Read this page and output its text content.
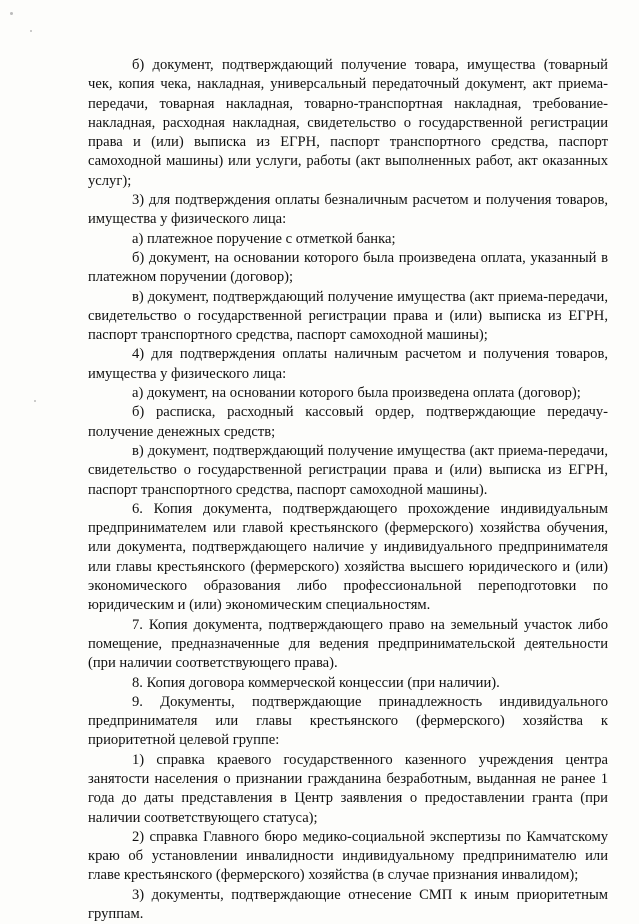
б) документ, подтверждающий получение товара, имущества (товарный чек, копия чека, накладная, универсальный передаточный документ, акт приема-передачи, товарная накладная, товарно-транспортная накладная, требование-накладная, расходная накладная, свидетельство о государственной регистрации права и (или) выписка из ЕГРН, паспорт транспортного средства, паспорт самоходной машины) или услуги, работы (акт выполненных работ, акт оказанных услуг);

3) для подтверждения оплаты безналичным расчетом и получения товаров, имущества у физического лица:

а) платежное поручение с отметкой банка;

б) документ, на основании которого была произведена оплата, указанный в платежном поручении (договор);

в) документ, подтверждающий получение имущества (акт приема-передачи, свидетельство о государственной регистрации права и (или) выписка из ЕГРН, паспорт транспортного средства, паспорт самоходной машины);

4) для подтверждения оплаты наличным расчетом и получения товаров, имущества у физического лица:

а) документ, на основании которого была произведена оплата (договор);

б) расписка, расходный кассовый ордер, подтверждающие передачу-получение денежных средств;

в) документ, подтверждающий получение имущества (акт приема-передачи, свидетельство о государственной регистрации права и (или) выписка из ЕГРН, паспорт транспортного средства, паспорт самоходной машины).

6. Копия документа, подтверждающего прохождение индивидуальным предпринимателем или главой крестьянского (фермерского) хозяйства обучения, или документа, подтверждающего наличие у индивидуального предпринимателя или главы крестьянского (фермерского) хозяйства высшего юридического и (или) экономического образования либо профессиональной переподготовки по юридическим и (или) экономическим специальностям.

7. Копия документа, подтверждающего право на земельный участок либо помещение, предназначенные для ведения предпринимательской деятельности (при наличии соответствующего права).

8. Копия договора коммерческой концессии (при наличии).

9. Документы, подтверждающие принадлежность индивидуального предпринимателя или главы крестьянского (фермерского) хозяйства к приоритетной целевой группе:

1) справка краевого государственного казенного учреждения центра занятости населения о признании гражданина безработным, выданная не ранее 1 года до даты представления в Центр заявления о предоставлении гранта (при наличии соответствующего статуса);

2) справка Главного бюро медико-социальной экспертизы по Камчатскому краю об установлении инвалидности индивидуальному предпринимателю или главе крестьянского (фермерского) хозяйства (в случае признания инвалидом);

3) документы, подтверждающие отнесение СМП к иным приоритетным группам.
